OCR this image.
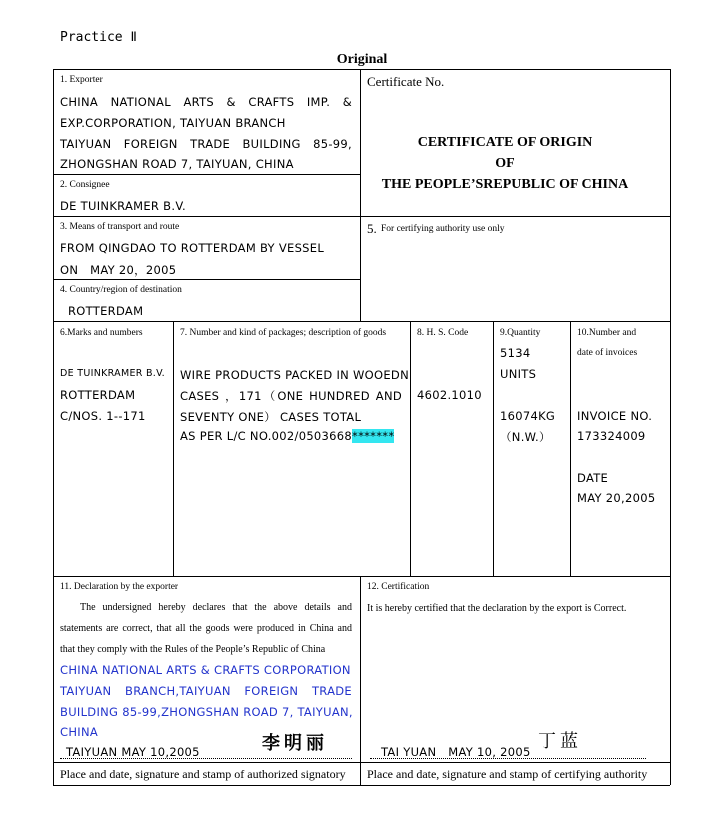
Practice Ⅱ
Original
1. Exporter
CHINA NATIONAL ARTS & CRAFTS IMP. &
EXP.CORPORATION, TAIYUAN BRANCH
TAIYUAN FOREIGN TRADE BUILDING 85-99,
ZHONGSHAN ROAD 7, TAIYUAN, CHINA
2. Consignee
DE TUINKRAMER B.V.
3. Means of transport and route
FROM QINGDAO TO ROTTERDAM BY VESSEL
ON   MAY 20，2005
4. Country/region of destination
ROTTERDAM
Certificate No.
CERTIFICATE OF ORIGIN
OF
THE PEOPLE’SREPUBLIC OF CHINA
5. For certifying authority use only
6.Marks and numbers
DE TUINKRAMER B.V.
ROTTERDAM
C/NOS. 1--171
7. Number and kind of packages; description of goods
WIRE PRODUCTS PACKED IN WOOEDN
CASES ，171（ONE HUNDRED AND
SEVENTY ONE） CASES TOTAL
AS PER L/C NO.002/0503668*******
8. H. S. Code
4602.1010
9.Quantity
5134
UNITS
16074KG
（N.W.）
10.Number and
date of invoices
INVOICE NO.
173324009
DATE
MAY 20,2005
11. Declaration by the exporter
The undersigned hereby declares that the above details and statements are correct, that all the goods were produced in China and that they comply with the Rules of the People’s Republic of China
CHINA NATIONAL ARTS & CRAFTS CORPORATION
TAIYUAN BRANCH,TAIYUAN FOREIGN TRADE
BUILDING 85-99,ZHONGSHAN ROAD 7, TAIYUAN,
CHINA
TAIYUAN MAY 10,2005	李明丽
Place and date, signature and stamp of authorized signatory
12. Certification
It is hereby certified that the declaration by the export is Correct.
TAI YUAN   MAY 10, 2005 丁蓝
Place and date, signature and stamp of certifying authority
